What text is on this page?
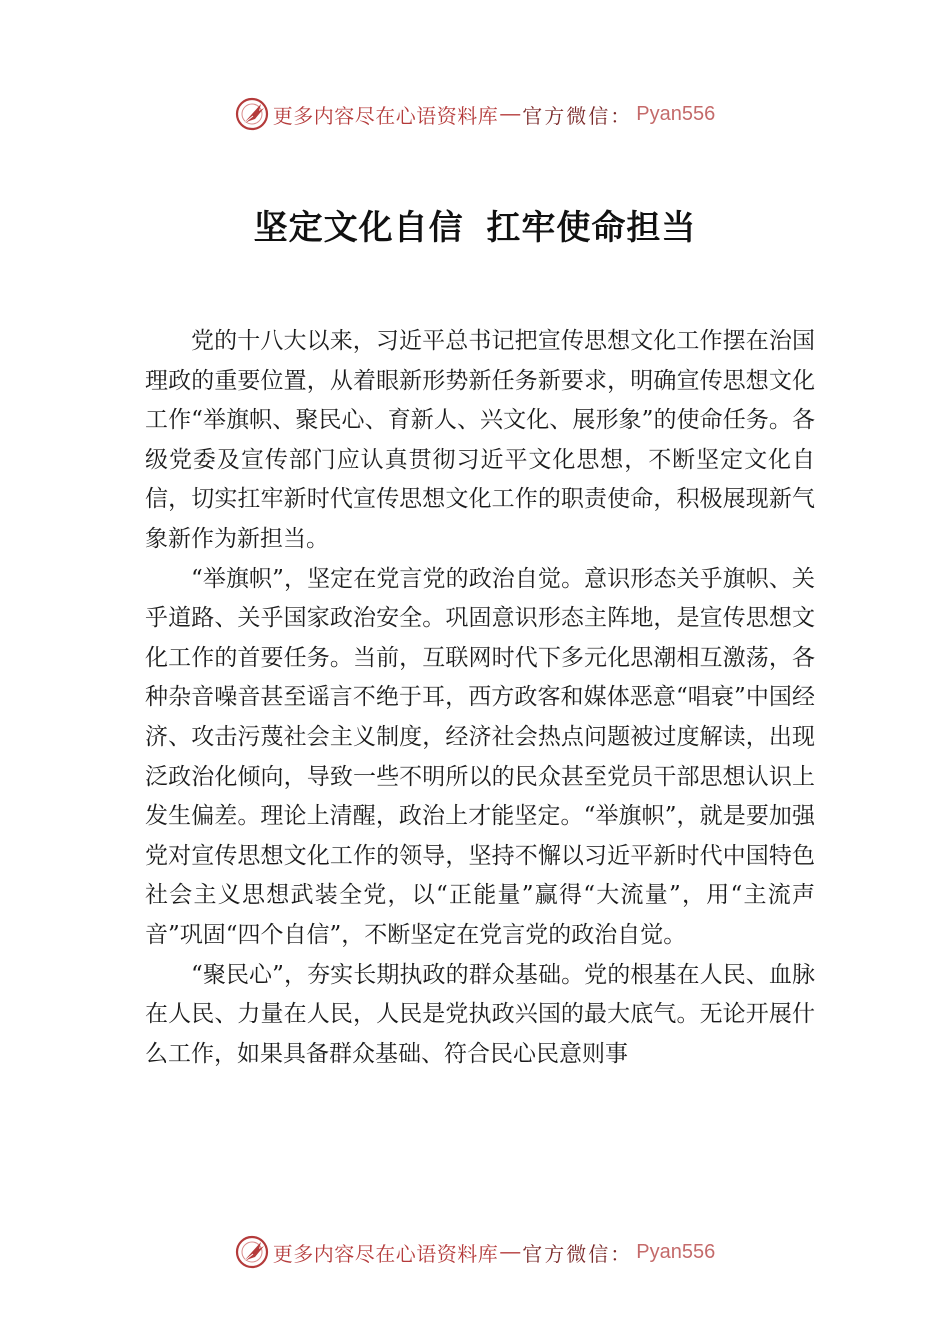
更多内容尽在心语资料库 — 官方微信： Pyan556
坚定文化自信 扛牢使命担当

党的十八大以来，习近平总书记把宣传思想文化工作摆在治国理政的重要位置，从着眼新形势新任务新要求，明确宣传思想文化工作“举旗帜、聚民心、育新人、兴文化、展形象”的使命任务。各级党委及宣传部门应认真贯彻习近平文化思想，不断坚定文化自信，切实扛牢新时代宣传思想文化工作的职责使命，积极展现新气象新作为新担当。

“举旗帜”，坚定在党言党的政治自觉。意识形态关乎旗帜、关乎道路、关乎国家政治安全。巩固意识形态主阵地，是宣传思想文化工作的首要任务。当前，互联网时代下多元化思潮相互激荡，各种杂音噪音甚至谣言不绝于耳，西方政客和媒体恶意“唱衰”中国经济、攻击污蔑社会主义制度，经济社会热点问题被过度解读，出现泛政治化倾向，导致一些不明所以的民众甚至党员干部思想认识上发生偏差。理论上清醒，政治上才能坚定。“举旗帜”，就是要加强党对宣传思想文化工作的领导，坚持不懈以习近平新时代中国特色社会主义思想武装全党，以“正能量”赢得“大流量”，用“主流声音”巩固“四个自信”，不断坚定在党言党的政治自觉。

“聚民心”，夯实长期执政的群众基础。党的根基在人民、血脉在人民、力量在人民，人民是党执政兴国的最大底气。无论开展什么工作，如果具备群众基础、符合民心民意则事

更多内容尽在心语资料库 — 官方微信： Pyan556
